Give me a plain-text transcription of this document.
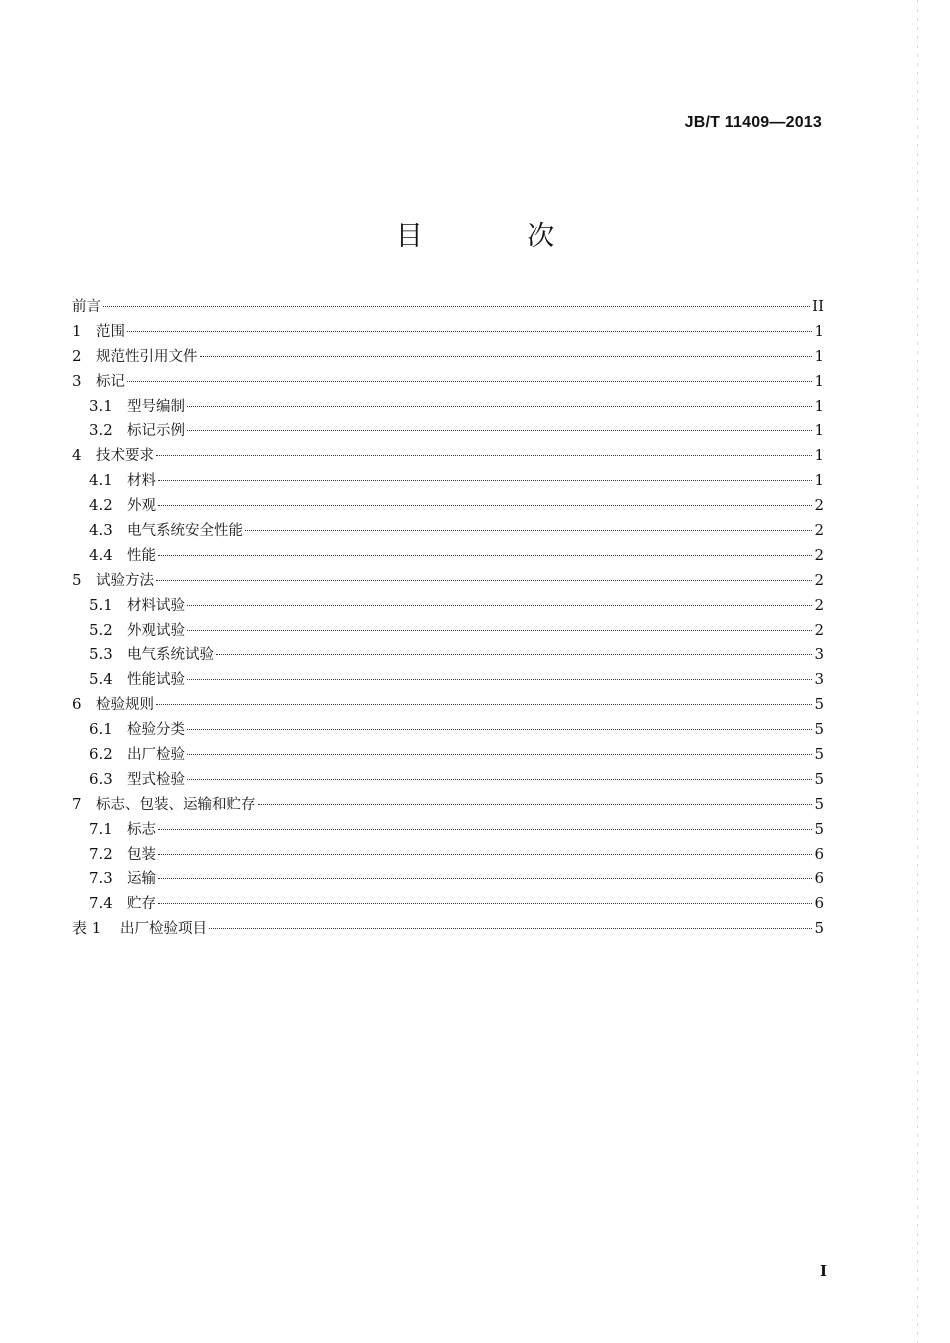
JB/T 11409—2013
目 次
前言	II
1 范围	1
2 规范性引用文件	1
3 标记	1
3.1 型号编制	1
3.2 标记示例	1
4 技术要求	1
4.1 材料	1
4.2 外观	2
4.3 电气系统安全性能	2
4.4 性能	2
5 试验方法	2
5.1 材料试验	2
5.2 外观试验	2
5.3 电气系统试验	3
5.4 性能试验	3
6 检验规则	5
6.1 检验分类	5
6.2 出厂检验	5
6.3 型式检验	5
7 标志、包装、运输和贮存	5
7.1 标志	5
7.2 包装	6
7.3 运输	6
7.4 贮存	6
表 1	出厂检验项目	5
I
